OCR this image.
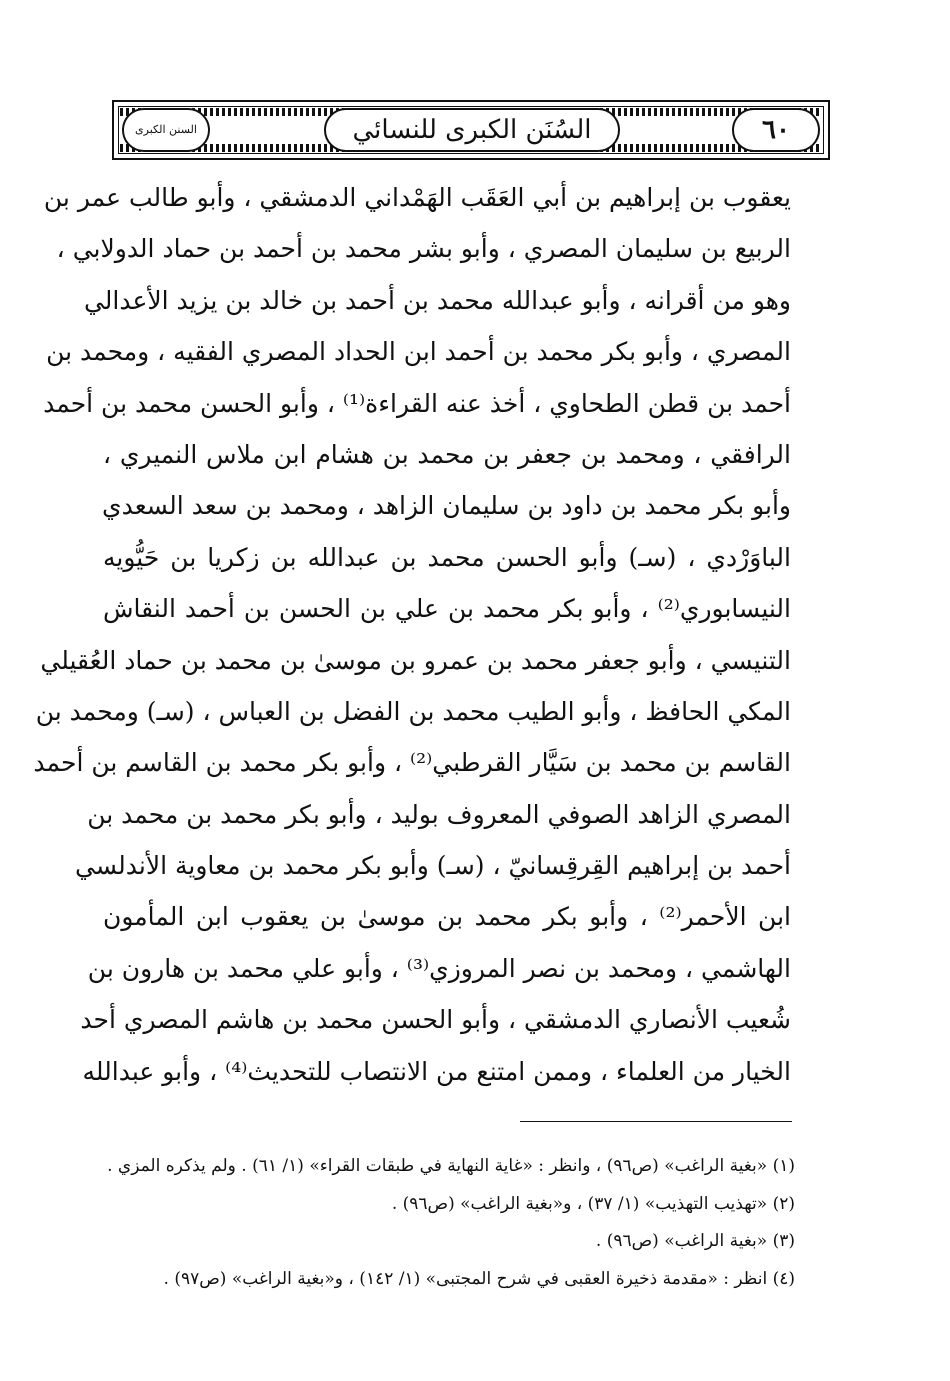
السنن الكبرى	السُنَن الكبرى للنسائي	٦٠
يعقوب بن إبراهيم بن أبي العَقَب الهَمْداني الدمشقي ، وأبو طالب عمر بن
الربيع بن سليمان المصري ، وأبو بشر محمد بن أحمد بن حماد الدولابي ،
وهو من أقرانه ، وأبو عبدالله محمد بن أحمد بن خالد بن يزيد الأعدالي
المصري ، وأبو بكر محمد بن أحمد ابن الحداد المصري الفقيه ، ومحمد بن
أحمد بن قطن الطحاوي ، أخذ عنه القراءة⁽¹⁾ ، وأبو الحسن محمد بن أحمد
الرافقي ، ومحمد بن جعفر بن محمد بن هشام ابن ملاس النميري ،
وأبو بكر محمد بن داود بن سليمان الزاهد ، ومحمد بن سعد السعدي
الباوَرْدي ، (سـ) وأبو الحسن محمد بن عبدالله بن زكريا بن حَيُّويه
النيسابوري⁽²⁾ ، وأبو بكر محمد بن علي بن الحسن بن أحمد النقاش
التنيسي ، وأبو جعفر محمد بن عمرو بن موسىٰ بن محمد بن حماد العُقيلي
المكي الحافظ ، وأبو الطيب محمد بن الفضل بن العباس ، (سـ) ومحمد بن
القاسم بن محمد بن سَيَّار القرطبي⁽²⁾ ، وأبو بكر محمد بن القاسم بن أحمد
المصري الزاهد الصوفي المعروف بوليد ، وأبو بكر محمد بن محمد بن
أحمد بن إبراهيم القِرقِسانيّ ، (سـ) وأبو بكر محمد بن معاوية الأندلسي
ابن الأحمر⁽²⁾ ، وأبو بكر محمد بن موسىٰ بن يعقوب ابن المأمون
الهاشمي ، ومحمد بن نصر المروزي⁽³⁾ ، وأبو علي محمد بن هارون بن
شُعيب الأنصاري الدمشقي ، وأبو الحسن محمد بن هاشم المصري أحد
الخيار من العلماء ، وممن امتنع من الانتصاب للتحديث⁽⁴⁾ ، وأبو عبدالله
(١) «بغية الراغب» (ص٩٦) ، وانظر : «غاية النهاية في طبقات القراء» (١/ ٦١) . ولم يذكره المزي .
(٢) «تهذيب التهذيب» (١/ ٣٧) ، و«بغية الراغب» (ص٩٦) .
(٣) «بغية الراغب» (ص٩٦) .
(٤) انظر : «مقدمة ذخيرة العقبى في شرح المجتبى» (١/ ١٤٢) ، و«بغية الراغب» (ص٩٧) .
